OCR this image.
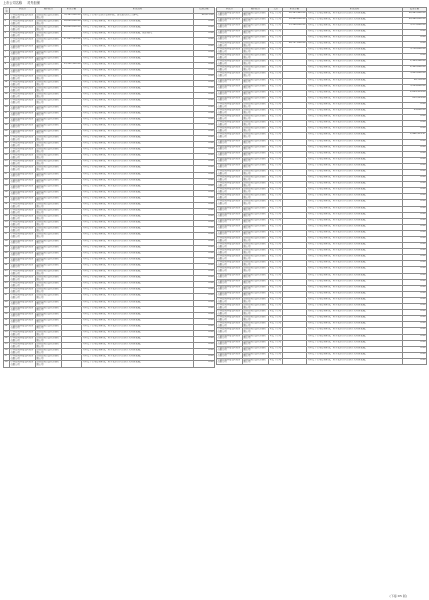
上市公司名称 对外担保
序号	担保方	被担保方	担保金额	担保说明	债务余额
1	中国长城科技集团股份有限公司	湖南长城计算机系统有限公司	70,191,200.00	为全资子公司日常经营提供担保，涉及银行授信等事项。	42,273.00
2	中国长城科技集团股份有限公司	湖南长城计算机系统有限公司	36,000,000.00	为全资子公司提供担保，用于支持其日常经营及业务发展。	0.00
3	中国长城科技集团股份有限公司	湖南长城计算机系统有限公司	68,600,000.00	为全资子公司提供担保，用于支持其日常经营及业务发展。	0.00
4	中国长城科技集团股份有限公司	湖南长城计算机系统有限公司		为全资子公司提供担保，用于支持其日常经营及业务发展，保证期间。	0.00
5	中国长城科技集团股份有限公司	湖南长城计算机系统有限公司	47,081,385.00	为全资子公司提供担保，用于支持其日常经营及业务发展。	0.00
6	中国长城科技集团股份有限公司	湖南长城计算机系统有限公司		为全资子公司提供担保，用于支持其日常经营及业务发展。	0.00
7	中国长城科技集团股份有限公司	湖南长城计算机系统有限公司		为全资子公司提供担保，用于支持其日常经营及业务发展。	0.00
8	中国长城科技集团股份有限公司	湖南长城计算机系统有限公司		为全资子公司提供担保，用于支持其日常经营及业务发展。	0.00
9	中国长城科技集团股份有限公司	湖南长城计算机系统有限公司	53,322,102.00	为全资子公司提供担保，用于支持其日常经营及业务发展。	0.00
10	中国长城科技集团股份有限公司	湖南长城计算机系统有限公司		为全资子公司提供担保，用于支持其日常经营及业务发展。	0.00
11	中国长城科技集团股份有限公司	湖南长城计算机系统有限公司		为全资子公司提供担保，用于支持其日常经营及业务发展。	0.00
12	中国长城科技集团股份有限公司	湖南长城计算机系统有限公司		为全资子公司提供担保，用于支持其日常经营及业务发展。	0.00
13	中国长城科技集团股份有限公司	湖南长城计算机系统有限公司		为全资子公司提供担保，用于支持其日常经营及业务发展。	0.00
14	中国长城科技集团股份有限公司	湖南长城计算机系统有限公司		为全资子公司提供担保，用于支持其日常经营及业务发展。	0.00
15	中国长城科技集团股份有限公司	湖南长城计算机系统有限公司		为全资子公司提供担保，用于支持其日常经营及业务发展。	0.00
16	中国长城科技集团股份有限公司	湖南长城计算机系统有限公司		为全资子公司提供担保，用于支持其日常经营及业务发展。	0.00
17	中国长城科技集团股份有限公司	湖南长城计算机系统有限公司		为全资子公司提供担保，用于支持其日常经营及业务发展。	0.00
18	中国长城科技集团股份有限公司	湖南长城计算机系统有限公司		为全资子公司提供担保，用于支持其日常经营及业务发展。	0.00
19	中国长城科技集团股份有限公司	湖南长城计算机系统有限公司		为全资子公司提供担保，用于支持其日常经营及业务发展。	0.00
20	中国长城科技集团股份有限公司	湖南长城计算机系统有限公司		为全资子公司提供担保，用于支持其日常经营及业务发展。	0.00
21	中国长城科技集团股份有限公司	湖南长城计算机系统有限公司		为全资子公司提供担保，用于支持其日常经营及业务发展。	0.00
22	中国长城科技集团股份有限公司	湖南长城计算机系统有限公司		为全资子公司提供担保，用于支持其日常经营及业务发展。	0.00
23	中国长城科技集团股份有限公司	湖南长城计算机系统有限公司		为全资子公司提供担保，用于支持其日常经营及业务发展。	0.00
24	中国长城科技集团股份有限公司	湖南长城计算机系统有限公司		为全资子公司提供担保，用于支持其日常经营及业务发展。	0.00
25	中国长城科技集团股份有限公司	湖南长城计算机系统有限公司		为全资子公司提供担保，用于支持其日常经营及业务发展。	0.00
26	中国长城科技集团股份有限公司	湖南长城计算机系统有限公司		为全资子公司提供担保，用于支持其日常经营及业务发展。	0.00
27	中国长城科技集团股份有限公司	湖南长城计算机系统有限公司		为全资子公司提供担保，用于支持其日常经营及业务发展。	0.00
28	中国长城科技集团股份有限公司	湖南长城计算机系统有限公司		为全资子公司提供担保，用于支持其日常经营及业务发展。	0.00
29	中国长城科技集团股份有限公司	湖南长城计算机系统有限公司		为全资子公司提供担保，用于支持其日常经营及业务发展。	0.00
30	中国长城科技集团股份有限公司	湖南长城计算机系统有限公司		为全资子公司提供担保，用于支持其日常经营及业务发展。	0.00
31	中国长城科技集团股份有限公司	湖南长城计算机系统有限公司		为全资子公司提供担保，用于支持其日常经营及业务发展。	0.00
32	中国长城科技集团股份有限公司	湖南长城计算机系统有限公司		为全资子公司提供担保，用于支持其日常经营及业务发展。	0.00
33	中国长城科技集团股份有限公司	湖南长城计算机系统有限公司		为全资子公司提供担保，用于支持其日常经营及业务发展。	0.00
34	中国长城科技集团股份有限公司	湖南长城计算机系统有限公司		为全资子公司提供担保，用于支持其日常经营及业务发展。	0.00
35	中国长城科技集团股份有限公司	湖南长城计算机系统有限公司		为全资子公司提供担保，用于支持其日常经营及业务发展。	0.00
36	中国长城科技集团股份有限公司	湖南长城计算机系统有限公司		为全资子公司提供担保，用于支持其日常经营及业务发展。	0.00
37	中国长城科技集团股份有限公司	湖南长城计算机系统有限公司		为全资子公司提供担保，用于支持其日常经营及业务发展。	0.00
38	中国长城科技集团股份有限公司	湖南长城计算机系统有限公司		为全资子公司提供担保，用于支持其日常经营及业务发展。	0.00
39	中国长城科技集团股份有限公司	湖南长城计算机系统有限公司		为全资子公司提供担保，用于支持其日常经营及业务发展。	0.00
40	中国长城科技集团股份有限公司	湖南长城计算机系统有限公司		为全资子公司提供担保，用于支持其日常经营及业务发展。	0.00
41	中国长城科技集团股份有限公司	湖南长城计算机系统有限公司		为全资子公司提供担保，用于支持其日常经营及业务发展。	0.00
42	中国长城科技集团股份有限公司	湖南长城计算机系统有限公司		为全资子公司提供担保，用于支持其日常经营及业务发展。	0.00
43	中国长城科技集团股份有限公司	湖南长城计算机系统有限公司		为全资子公司提供担保，用于支持其日常经营及业务发展。	0.00
44	中国长城科技集团股份有限公司	湖南长城计算机系统有限公司		为全资子公司提供担保，用于支持其日常经营及业务发展。	0.00
45	中国长城科技集团股份有限公司	湖南长城计算机系统有限公司		为全资子公司提供担保，用于支持其日常经营及业务发展。	0.00
46	中国长城科技集团股份有限公司	湖南长城计算机系统有限公司		为全资子公司提供担保，用于支持其日常经营及业务发展。	0.00
47	中国长城科技集团股份有限公司	湖南长城计算机系统有限公司		为全资子公司提供担保，用于支持其日常经营及业务发展。	0.00
48	中国长城科技集团股份有限公司	湖南长城计算机系统有限公司		为全资子公司提供担保，用于支持其日常经营及业务发展。	0.00
49	中国长城科技集团股份有限公司	湖南长城计算机系统有限公司		为全资子公司提供担保，用于支持其日常经营及业务发展。	0.00
50	中国长城科技集团股份有限公司	湖南长城计算机系统有限公司		为全资子公司提供担保，用于支持其日常经营及业务发展。	0.00
51	中国长城科技集团股份有限公司	湖南长城计算机系统有限公司		为全资子公司提供担保，用于支持其日常经营及业务发展。	0.00
52	中国长城科技集团股份有限公司	湖南长城计算机系统有限公司		为全资子公司提供担保，用于支持其日常经营及业务发展。	0.00
53	中国长城科技集团股份有限公司	湖南长城计算机系统有限公司		为全资子公司提供担保，用于支持其日常经营及业务发展。	0.00
54	中国长城科技集团股份有限公司	湖南长城计算机系统有限公司		为全资子公司提供担保，用于支持其日常经营及业务发展。	0.00
55	中国长城科技集团股份有限公司	湖南长城计算机系统有限公司		为全资子公司提供担保，用于支持其日常经营及业务发展。	0.00
56	中国长城科技集团股份有限公司	湖南长城计算机系统有限公司		为全资子公司提供担保，用于支持其日常经营及业务发展。	0.00
57	中国长城科技集团股份有限公司	湖南长城计算机系统有限公司		为全资子公司提供担保，用于支持其日常经营及业务发展。	0.00
58	中国长城科技集团股份有限公司	湖南长城计算机系统有限公司		为全资子公司提供担保，用于支持其日常经营及业务发展。	0.00
担保方	被担保方	关系	担保金额	担保说明	债务余额
中国长城科技集团股份有限公司	湖南长城计算机系统有限公司	全资子公司	30,365,920.00	为全资子公司提供担保，用于支持其日常经营及业务发展。	10,991,880.00
中国长城科技集团股份有限公司	湖南长城计算机系统有限公司	全资子公司	59,980,000.00	为全资子公司提供担保，用于支持其日常经营及业务发展。	29,990,000.00
中国长城科技集团股份有限公司	湖南长城计算机系统有限公司	全资子公司	33,366,000.00	为全资子公司提供担保，用于支持其日常经营及业务发展。	3,373,000.00
中国长城科技集团股份有限公司	湖南长城计算机系统有限公司	全资子公司		为全资子公司提供担保，用于支持其日常经营及业务发展。	0.00
中国长城科技集团股份有限公司	湖南长城计算机系统有限公司	全资子公司		为全资子公司提供担保，用于支持其日常经营及业务发展。	0.00
中国长城科技集团股份有限公司	湖南长城计算机系统有限公司	全资子公司	26,707,000.00	为全资子公司提供担保，用于支持其日常经营及业务发展。	0.00
中国长城科技集团股份有限公司	湖南长城计算机系统有限公司	全资子公司		为全资子公司提供担保，用于支持其日常经营及业务发展。	3,750,000.00
中国长城科技集团股份有限公司	湖南长城计算机系统有限公司	全资子公司		为全资子公司提供担保，用于支持其日常经营及业务发展。	0.00
中国长城科技集团股份有限公司	湖南长城计算机系统有限公司	全资子公司		为全资子公司提供担保，用于支持其日常经营及业务发展。	1,144,360.00
中国长城科技集团股份有限公司	湖南长城计算机系统有限公司	全资子公司		为全资子公司提供担保，用于支持其日常经营及业务发展。	2,141,000.00
中国长城科技集团股份有限公司	湖南长城计算机系统有限公司	全资子公司		为全资子公司提供担保，用于支持其日常经营及业务发展。	3,411,000.00
中国长城科技集团股份有限公司	湖南长城计算机系统有限公司	全资子公司		为全资子公司提供担保，用于支持其日常经营及业务发展。	16,758.00
中国长城科技集团股份有限公司	湖南长城计算机系统有限公司	全资子公司		为全资子公司提供担保，用于支持其日常经营及业务发展。	3,314,000.00
中国长城科技集团股份有限公司	湖南长城计算机系统有限公司	全资子公司		为全资子公司提供担保，用于支持其日常经营及业务发展。	2,244,159.00
中国长城科技集团股份有限公司	湖南长城计算机系统有限公司	全资子公司		为全资子公司提供担保，用于支持其日常经营及业务发展。	231,314.00
中国长城科技集团股份有限公司	湖南长城计算机系统有限公司	全资子公司		为全资子公司提供担保，用于支持其日常经营及业务发展。	0.00
中国长城科技集团股份有限公司	湖南长城计算机系统有限公司	全资子公司		为全资子公司提供担保，用于支持其日常经营及业务发展。	24,000.00
中国长城科技集团股份有限公司	湖南长城计算机系统有限公司	全资子公司		为全资子公司提供担保，用于支持其日常经营及业务发展。	0.00
中国长城科技集团股份有限公司	湖南长城计算机系统有限公司	全资子公司		为全资子公司提供担保，用于支持其日常经营及业务发展。	0.00
中国长城科技集团股份有限公司	湖南长城计算机系统有限公司	全资子公司		为全资子公司提供担保，用于支持其日常经营及业务发展。	0.00
中国长城科技集团股份有限公司	湖南长城计算机系统有限公司	全资子公司		为全资子公司提供担保，用于支持其日常经营及业务发展。	1,462,151.17
中国长城科技集团股份有限公司	湖南长城计算机系统有限公司	全资子公司		为全资子公司提供担保，用于支持其日常经营及业务发展。	0.00
中国长城科技集团股份有限公司	湖南长城计算机系统有限公司	全资子公司		为全资子公司提供担保，用于支持其日常经营及业务发展。	0.00
中国长城科技集团股份有限公司	湖南长城计算机系统有限公司	全资子公司		为全资子公司提供担保，用于支持其日常经营及业务发展。	0.00
中国长城科技集团股份有限公司	湖南长城计算机系统有限公司	全资子公司		为全资子公司提供担保，用于支持其日常经营及业务发展。	0.00
中国长城科技集团股份有限公司	湖南长城计算机系统有限公司	全资子公司		为全资子公司提供担保，用于支持其日常经营及业务发展。	0.00
中国长城科技集团股份有限公司	湖南长城计算机系统有限公司	全资子公司		为全资子公司提供担保，用于支持其日常经营及业务发展。	0.00
中国长城科技集团股份有限公司	湖南长城计算机系统有限公司	全资子公司		为全资子公司提供担保，用于支持其日常经营及业务发展。	0.00
中国长城科技集团股份有限公司	湖南长城计算机系统有限公司	全资子公司		为全资子公司提供担保，用于支持其日常经营及业务发展。	0.00
中国长城科技集团股份有限公司	湖南长城计算机系统有限公司	全资子公司		为全资子公司提供担保，用于支持其日常经营及业务发展。	0.00
中国长城科技集团股份有限公司	湖南长城计算机系统有限公司	全资子公司		为全资子公司提供担保，用于支持其日常经营及业务发展。	0.00
中国长城科技集团股份有限公司	湖南长城计算机系统有限公司	全资子公司		为全资子公司提供担保，用于支持其日常经营及业务发展。	0.00
中国长城科技集团股份有限公司	湖南长城计算机系统有限公司	全资子公司		为全资子公司提供担保，用于支持其日常经营及业务发展。	0.00
中国长城科技集团股份有限公司	湖南长城计算机系统有限公司	全资子公司		为全资子公司提供担保，用于支持其日常经营及业务发展。	0.00
中国长城科技集团股份有限公司	湖南长城计算机系统有限公司	全资子公司		为全资子公司提供担保，用于支持其日常经营及业务发展。	0.00
中国长城科技集团股份有限公司	湖南长城计算机系统有限公司	全资子公司		为全资子公司提供担保，用于支持其日常经营及业务发展。	0.00
中国长城科技集团股份有限公司	湖南长城计算机系统有限公司	全资子公司		为全资子公司提供担保，用于支持其日常经营及业务发展。	0.00
中国长城科技集团股份有限公司	湖南长城计算机系统有限公司	全资子公司		为全资子公司提供担保，用于支持其日常经营及业务发展。	0.00
中国长城科技集团股份有限公司	湖南长城计算机系统有限公司	全资子公司		为全资子公司提供担保，用于支持其日常经营及业务发展。	0.00
中国长城科技集团股份有限公司	湖南长城计算机系统有限公司	全资子公司		为全资子公司提供担保，用于支持其日常经营及业务发展。	0.00
中国长城科技集团股份有限公司	湖南长城计算机系统有限公司	全资子公司		为全资子公司提供担保，用于支持其日常经营及业务发展。	0.00
中国长城科技集团股份有限公司	湖南长城计算机系统有限公司	全资子公司		为全资子公司提供担保，用于支持其日常经营及业务发展。	0.00
中国长城科技集团股份有限公司	湖南长城计算机系统有限公司	全资子公司		为全资子公司提供担保，用于支持其日常经营及业务发展。	0.00
中国长城科技集团股份有限公司	湖南长城计算机系统有限公司	全资子公司		为全资子公司提供担保，用于支持其日常经营及业务发展。	0.00
中国长城科技集团股份有限公司	湖南长城计算机系统有限公司	全资子公司		为全资子公司提供担保，用于支持其日常经营及业务发展。	0.00
中国长城科技集团股份有限公司	湖南长城计算机系统有限公司	全资子公司		为全资子公司提供担保，用于支持其日常经营及业务发展。	0.00
中国长城科技集团股份有限公司	湖南长城计算机系统有限公司	全资子公司		为全资子公司提供担保，用于支持其日常经营及业务发展。	0.00
中国长城科技集团股份有限公司	湖南长城计算机系统有限公司	全资子公司		为全资子公司提供担保，用于支持其日常经营及业务发展。	0.00
中国长城科技集团股份有限公司	湖南长城计算机系统有限公司	全资子公司		为全资子公司提供担保，用于支持其日常经营及业务发展。	0.00
中国长城科技集团股份有限公司	湖南长城计算机系统有限公司	全资子公司		为全资子公司提供担保，用于支持其日常经营及业务发展。	0.00
中国长城科技集团股份有限公司	湖南长城计算机系统有限公司	全资子公司		为全资子公司提供担保，用于支持其日常经营及业务发展。	0.00
中国长城科技集团股份有限公司	湖南长城计算机系统有限公司	全资子公司		为全资子公司提供担保，用于支持其日常经营及业务发展。	0.00
中国长城科技集团股份有限公司	湖南长城计算机系统有限公司	全资子公司		为全资子公司提供担保，用于支持其日常经营及业务发展。	0.00
中国长城科技集团股份有限公司	湖南长城计算机系统有限公司	全资子公司		为全资子公司提供担保，用于支持其日常经营及业务发展。	0.00
中国长城科技集团股份有限公司	湖南长城计算机系统有限公司	全资子公司		为全资子公司提供担保，用于支持其日常经营及业务发展。	0.00
中国长城科技集团股份有限公司	湖南长城计算机系统有限公司	全资子公司		为全资子公司提供担保，用于支持其日常经营及业务发展。	0.00
中国长城科技集团股份有限公司	湖南长城计算机系统有限公司	全资子公司		为全资子公司提供担保，用于支持其日常经营及业务发展。	0.00
中国长城科技集团股份有限公司	湖南长城计算机系统有限公司	全资子公司		为全资子公司提供担保，用于支持其日常经营及业务发展。	0.00
(下接 D5 版)
